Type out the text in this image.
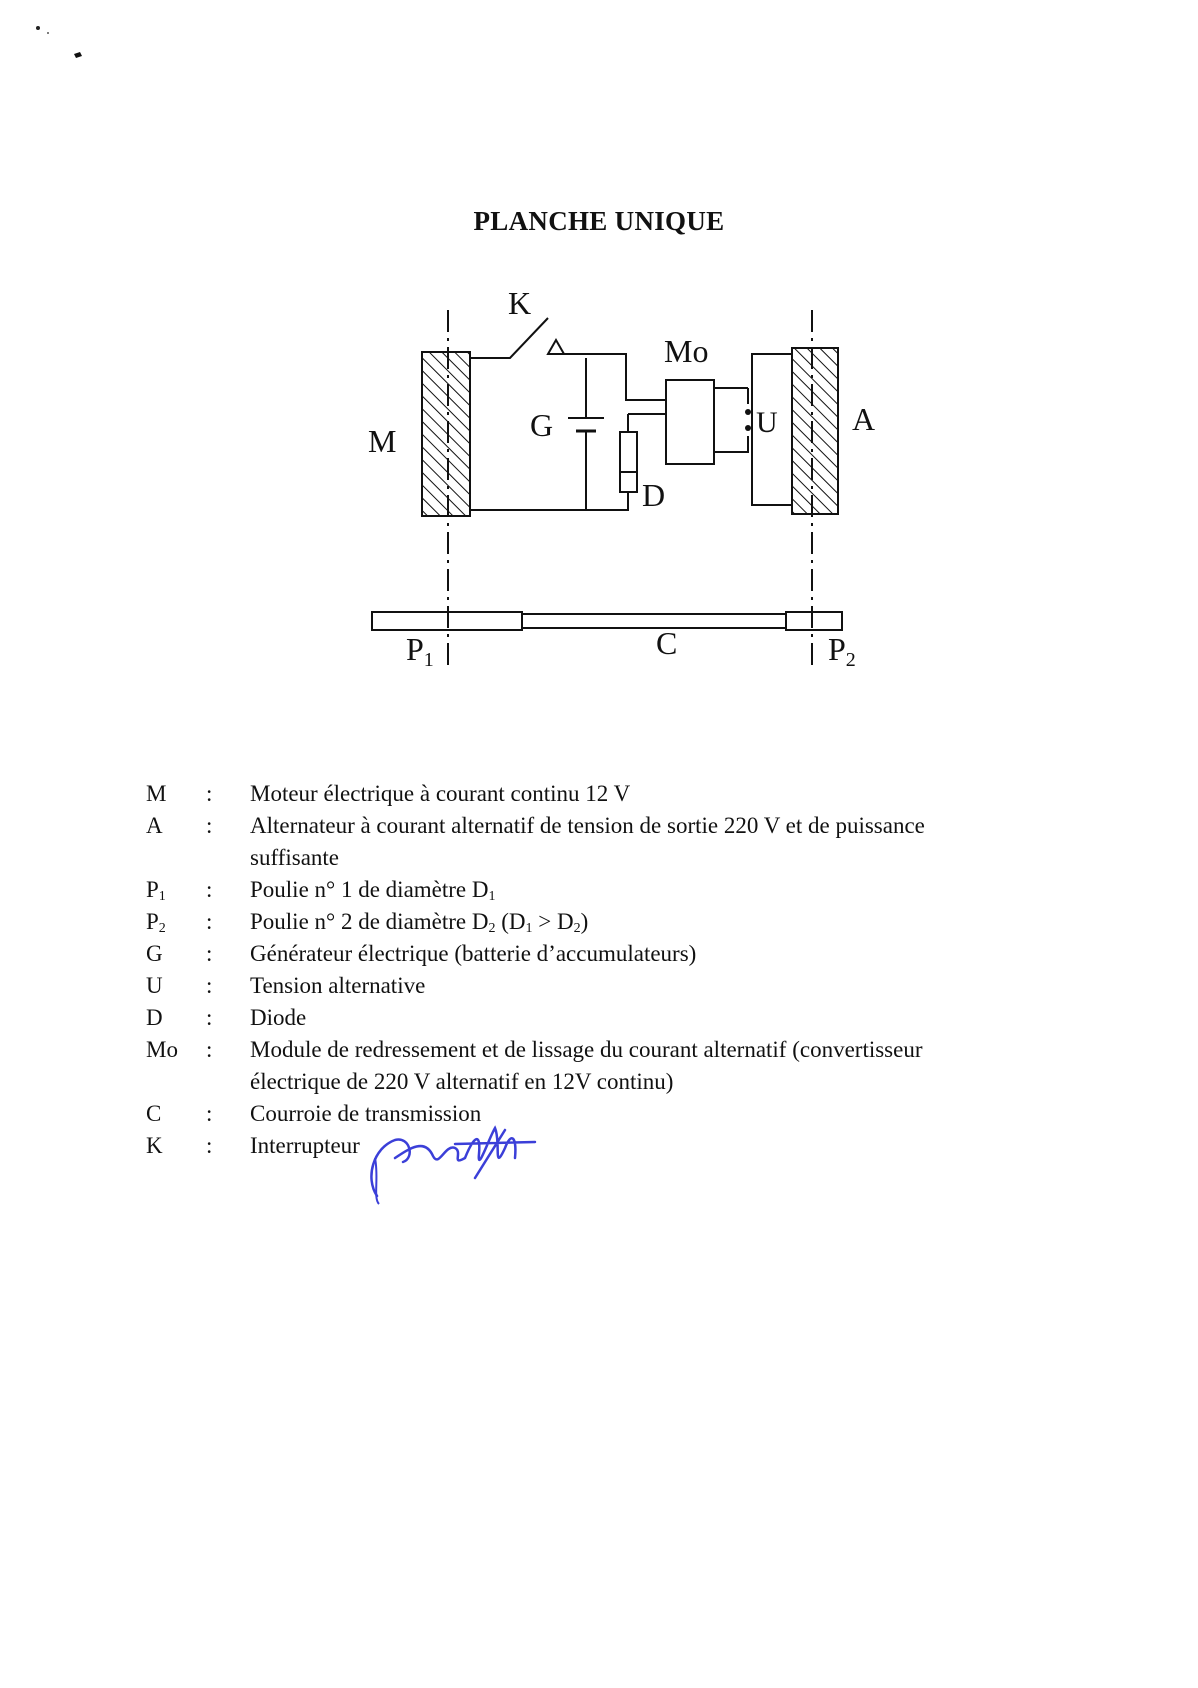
PLANCHE UNIQUE
K
Mo
G	U A
M
D
C
P1	P2
M	: Moteur électrique à courant continu 12 V
A	: Alternateur à courant alternatif de tension de sortie 220 V et de puissance suffisante
$P_1$	: Poulie n° 1 de diamètre $D_1$
$P_2$	: Poulie n° 2 de diamètre $D_2$ $(D_1 > D_2)$
G	: Générateur électrique (batterie d’accumulateurs)
U	: Tension alternative
D	: Diode
Mo	: Module de redressement et de lissage du courant alternatif (convertisseur électrique de 220 V alternatif en 12V continu)
C	: Courroie de transmission
K	: Interrupteur
